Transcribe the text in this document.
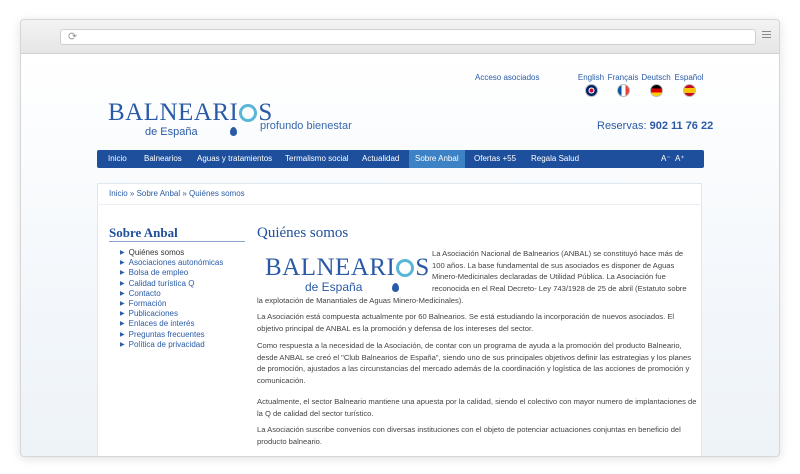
⟳
Acceso asociados	English Français Deutsch Español
BALNEARI S
de España	profundo bienestar	Reservas: 902 11 76 22
Inicio Balnearios Aguas y tratamientos Termalismo social Actualidad	Sobre Anbal	Ofertas +55 Regala Salud	A⁻ A⁺
Inicio » Sobre Anbal » Quiénes somos
Sobre Anbal
▶ Quiénes somos
▶ Asociaciones autonómicas
▶ Bolsa de empleo
▶ Calidad turística Q
▶ Contacto
▶ Formación
▶ Publicaciones
▶ Enlaces de interés
▶ Preguntas frecuentes
▶ Política de privacidad
Quiénes somos
BALNEARI S
de España
La Asociación Nacional de Balnearios (ANBAL) se constituyó hace más de
100 años. La base fundamental de sus asociados es disponer de Aguas
Minero-Medicinales declaradas de Utilidad Pública. La Asociación fue
reconocida en el Real Decreto- Ley 743/1928 de 25 de abril (Estatuto sobre
la explotación de Manantiales de Aguas Minero-Medicinales).
La Asociación está compuesta actualmente por 60 Balnearios. Se está estudiando la incorporación de nuevos asociados. El
objetivo principal de ANBAL es la promoción y defensa de los intereses del sector.
Como respuesta a la necesidad de la Asociación, de contar con un programa de ayuda a la promoción del producto Balneario,
desde ANBAL se creó el "Club Balnearios de España", siendo uno de sus principales objetivos definir las estrategias y los planes
de promoción, ajustados a las circunstancias del mercado además de la coordinación y logística de las acciones de promoción y
comunicación.
Actualmente, el sector Balneario mantiene una apuesta por la calidad, siendo el colectivo con mayor numero de implantaciones de
la Q de calidad del sector turístico.
La Asociación suscribe convenios con diversas instituciones con el objeto de potenciar actuaciones conjuntas en beneficio del
producto balneario.
